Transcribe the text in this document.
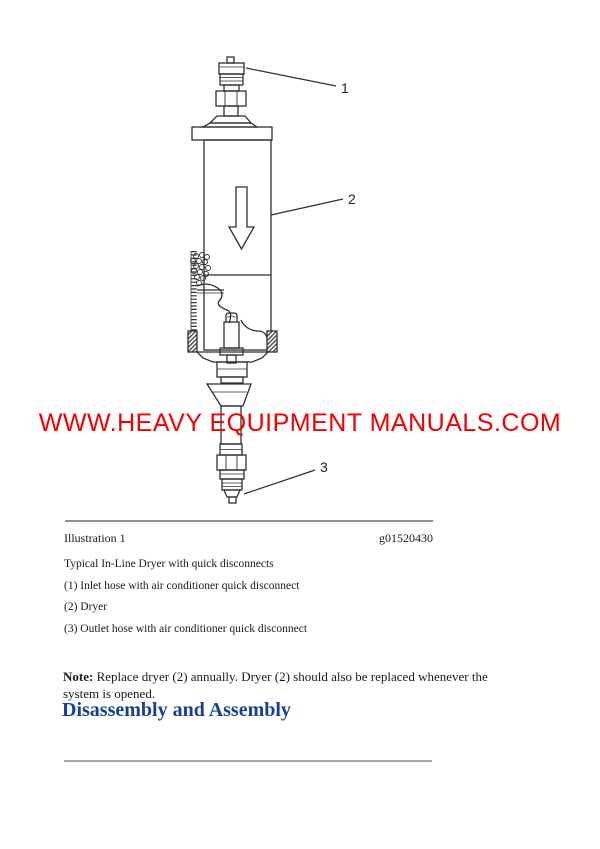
1
2
3
WWW.HEAVY EQUIPMENT MANUALS.COM
Illustration 1	g01520430
Typical In-Line Dryer with quick disconnects
(1) Inlet hose with air conditioner quick disconnect
(2) Dryer
(3) Outlet hose with air conditioner quick disconnect

Note: Replace dryer (2) annually. Dryer (2) should also be replaced whenever the system is opened.

Disassembly and Assembly
